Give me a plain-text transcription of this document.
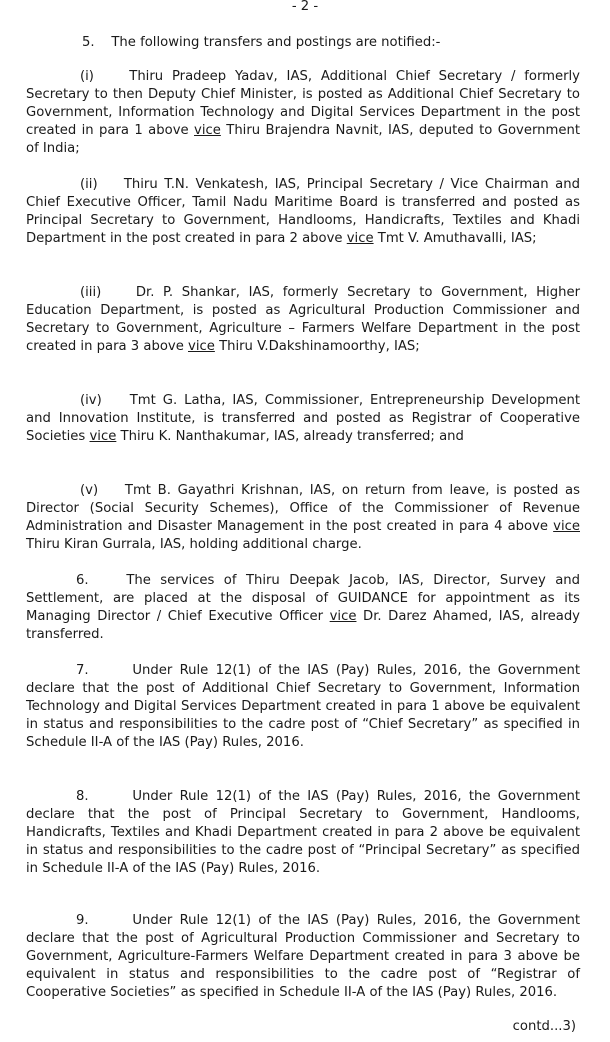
- 2 -
5. The following transfers and postings are notified:-
(i)	Thiru Pradeep Yadav, IAS, Additional Chief Secretary / formerly Secretary to then Deputy Chief Minister, is posted as Additional Chief Secretary to Government, Information Technology and Digital Services Department in the post created in para 1 above vice Thiru Brajendra Navnit, IAS, deputed to Government of India;
(ii) Thiru T.N. Venkatesh, IAS, Principal Secretary / Vice Chairman and Chief Executive Officer, Tamil Nadu Maritime Board is transferred and posted as Principal Secretary to Government, Handlooms, Handicrafts, Textiles and Khadi Department in the post created in para 2 above vice Tmt V. Amuthavalli, IAS;
(iii)	Dr. P. Shankar, IAS, formerly Secretary to Government, Higher Education Department, is posted as Agricultural Production Commissioner and Secretary to Government, Agriculture – Farmers Welfare Department in the post created in para 3 above vice Thiru V.Dakshinamoorthy, IAS;
(iv) Tmt G. Latha, IAS, Commissioner, Entrepreneurship Development and Innovation Institute, is transferred and posted as Registrar of Cooperative Societies vice Thiru K. Nanthakumar, IAS, already transferred; and
(v) Tmt B. Gayathri Krishnan, IAS, on return from leave, is posted as Director (Social Security Schemes), Office of the Commissioner of Revenue Administration and Disaster Management in the post created in para 4 above vice Thiru Kiran Gurrala, IAS, holding additional charge.
6.	The services of Thiru Deepak Jacob, IAS, Director, Survey and Settlement, are placed at the disposal of GUIDANCE for appointment as its Managing Director / Chief Executive Officer vice Dr. Darez Ahamed, IAS, already transferred.
7.	Under Rule 12(1) of the IAS (Pay) Rules, 2016, the Government declare that the post of Additional Chief Secretary to Government, Information Technology and Digital Services Department created in para 1 above be equivalent in status and responsibilities to the cadre post of “Chief Secretary” as specified in Schedule II-A of the IAS (Pay) Rules, 2016.
8.	Under Rule 12(1) of the IAS (Pay) Rules, 2016, the Government declare that the post of Principal Secretary to Government, Handlooms, Handicrafts, Textiles and Khadi Department created in para 2 above be equivalent in status and responsibilities to the cadre post of “Principal Secretary” as specified in Schedule II-A of the IAS (Pay) Rules, 2016.
9.	Under Rule 12(1) of the IAS (Pay) Rules, 2016, the Government declare that the post of Agricultural Production Commissioner and Secretary to Government, Agriculture-Farmers Welfare Department created in para 3 above be equivalent in status and responsibilities to the cadre post of “Registrar of Cooperative Societies” as specified in Schedule II-A of the IAS (Pay) Rules, 2016.
contd...3)
